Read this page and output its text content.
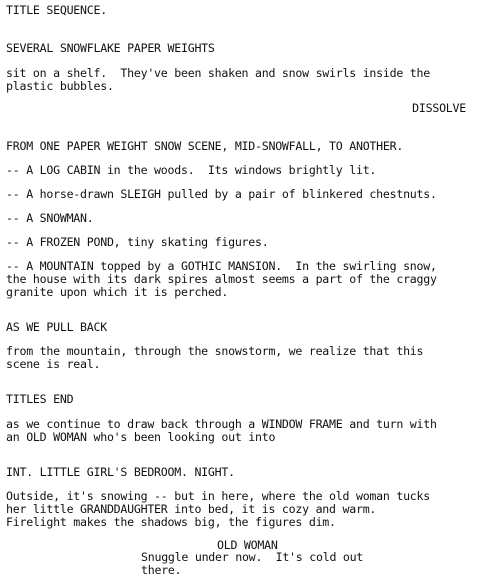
TITLE SEQUENCE.

SEVERAL SNOWFLAKE PAPER WEIGHTS

sit on a shelf.  They've been shaken and snow swirls inside the

plastic bubbles.

DISSOLVE

FROM ONE PAPER WEIGHT SNOW SCENE, MID-SNOWFALL, TO ANOTHER.

-- A LOG CABIN in the woods.  Its windows brightly lit.

-- A horse-drawn SLEIGH pulled by a pair of blinkered chestnuts.

-- A SNOWMAN.

-- A FROZEN POND, tiny skating figures.

-- A MOUNTAIN topped by a GOTHIC MANSION.  In the swirling snow,

the house with its dark spires almost seems a part of the craggy

granite upon which it is perched.

AS WE PULL BACK

from the mountain, through the snowstorm, we realize that this

scene is real.

TITLES END

as we continue to draw back through a WINDOW FRAME and turn with

an OLD WOMAN who's been looking out into

INT. LITTLE GIRL'S BEDROOM. NIGHT.

Outside, it's snowing -- but in here, where the old woman tucks

her little GRANDDAUGHTER into bed, it is cozy and warm.

Firelight makes the shadows big, the figures dim.

OLD WOMAN

Snuggle under now.  It's cold out

there.
